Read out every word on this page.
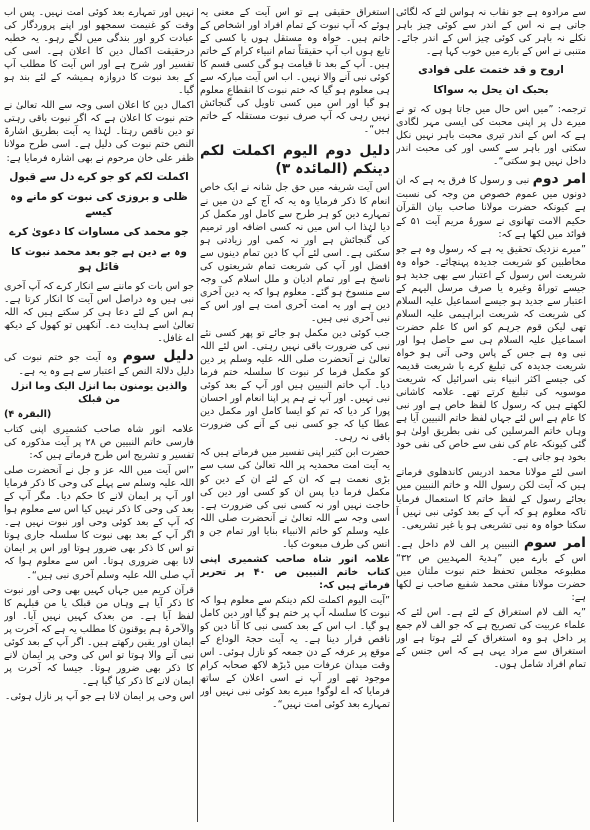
سے مرادوہ ہے جو نقاب نہ ہواس لئے کہ لگائی جاتی ہے نہ اس کے اندر سے کوئی چیز باہر نکلے نہ باہر کی کوئی چیز اس کے اندر جائے۔ متنبی نے اس کے بارے میں خوب کہا ہے۔

اروح و قد ختمت علی فوادی
بحبک ان یحل بہ سواکا

ترجمہ: ”میں اس حال میں جاتا ہوں کہ تو نے میرے دل پر اپنی محبت کی ایسی مہر لگادی ہے کہ اس کے اندر تیری محبت باہر نہیں نکل سکتی اور باہر سے کسی اور کی محبت اندر داخل نہیں ہو سکتی“۔

امر دوم نبی و رسول کا فرق یہ ہے کہ ان دونوں میں عموم خصوص من وجہ کی نسبت ہے کیونکہ حضرت مولانا صاحب بیان القرآن حکیم الامت تھانوی نے سورۂ مریم آیت ۵۱ کے فوائد میں لکھا ہے کہ:

”میرے نزدیک تحقیق یہ ہے کہ رسول وہ ہے جو مخاطبین کو شریعت جدیدہ پہنچائے۔ خواہ وہ شریعت اس رسول کے اعتبار سے بھی جدید ہو جیسے توراۃ وغیرہ یا صرف مرسل الیہم کے اعتبار سے جدید ہو جیسے اسماعیل علیہ السلام کی شریعت کہ شریعت ابراہیمی علیہ السلام تھی لیکن قوم جرہم کو اس کا علم حضرت اسماعیل علیہ السلام ہی سے حاصل ہوا اور نبی وہ ہے جس کے پاس وحی آتی ہو خواہ شریعت جدیدہ کی تبلیغ کرے یا شریعت قدیمہ کی جیسے اکثر انبیاء بنی اسرائیل کہ شریعت موسویہ کی تبلیغ کرتے تھے۔ علامہ کاشانی لکھتے ہیں کہ رسول کا لفظ خاص ہے اور نبی کا عام ہے اس لئے جہاں لفظ خاتم النبیین آیا ہے وہاں خاتم المرسلین کی نفی بطریق اولیٰ ہو گئی کیونکہ عام کی نفی سے خاص کی نفی خود بخود ہو جاتی ہے۔

اسی لئے مولانا محمد ادریس کاندھلوی فرماتے ہیں کہ آیت لکن رسول اللہ و خاتم النبیین میں بجائے رسول کے لفظ خاتم کا استعمال فرمایا تاکہ معلوم ہو کہ آپ کے بعد کوئی نبی نہیں آ سکتا خواہ وہ نبی تشریعی ہو یا غیر تشریعی۔

امر سوم النبیین پر الف لام داخل ہے۔ اس کے بارے میں ”ہدیۃ المہدیین ص ۳۲“ مطبوعہ مجلس تحفظ ختم نبوت ملتان میں حضرت مولانا مفتی محمد شفیع صاحب نے لکھا ہے:

”یہ الف لام استغراق کے لئے ہے۔ اس لئے کہ علماء عربیت کی تصریح ہے کہ جو الف لام جمع پر داخل ہو وہ استغراق کے لئے ہوتا ہے اور استغراق سے مراد یہی ہے کہ اس جنس کے تمام افراد شامل ہوں۔

استغراق حقیقی ہے تو اس آیت کے معنی یہ ہوئے کہ آپ نبوت کے تمام افراد اور اشخاص کے خاتم ہیں۔ خواہ وہ مستقل ہوں یا کسی کے تابع ہوں اب آپ حقیقتاً تمام انبیاء کرام کے خاتم ہیں۔ آپ کے بعد تا قیامت ہو گی کسی قسم کا کوئی نبی آنے والا نہیں۔ اب اس آیت مبارکہ سے ہی معلوم ہو گیا کہ ختم نبوت کا انقطاع معلوم ہو گیا اور اس میں کسی تاویل کی گنجائش نہیں رہی کہ آپ صرف نبوت مستقلہ کے خاتم ہیں“۔

دلیل دوم الیوم اکملت لکم دینکم (المائدہ ۳)

اس آیت شریفہ میں حق جل شانہ نے ایک خاص انعام کا ذکر فرمایا وہ یہ کہ آج کے دن میں نے تمہارے دین کو ہر طرح سے کامل اور مکمل کر دیا لہٰذا اب اس میں نہ کسی اضافہ اور ترمیم کی گنجائش ہے اور نہ کمی اور زیادتی ہو سکتی ہے۔ اسی لئے آپ کا دین تمام دینوں سے افضل اور آپ کی شریعت تمام شریعتوں کی ناسخ ہے اور تمام ادیان و ملل اسلام کی وجہ سے منسوخ ہو گئے۔ معلوم ہوا کہ یہ دین آخری دین ہے اور یہ امت آخری امت ہے اور اس کے نبی آخری نبی ہیں۔

جب کوئی دین مکمل ہو جائے تو پھر کسی نئے نبی کی ضرورت باقی نہیں رہتی۔ اس لئے اللہ تعالیٰ نے آنحضرت صلی اللہ علیہ وسلم پر دین کو مکمل فرما کر نبوت کا سلسلہ ختم فرما دیا۔ آپ خاتم النبیین ہیں اور آپ کے بعد کوئی نبی نہیں۔ اور آپ نے ہم پر اپنا انعام اور احسان پورا کر دیا کہ تم کو ایسا کامل اور مکمل دین عطا کیا کہ جو کسی نبی کے آنے کی ضرورت باقی نہ رہی۔

حضرت ابن کثیر اپنی تفسیر میں فرماتے ہیں کہ یہ آیت امت محمدیہ پر اللہ تعالیٰ کی سب سے بڑی نعمت ہے کہ ان کے لئے ان کے دین کو مکمل فرما دیا پس ان کو کسی اور دین کی حاجت نہیں اور نہ کسی نبی کی ضرورت ہے۔ اسی وجہ سے اللہ تعالیٰ نے آنحضرت صلی اللہ علیہ وسلم کو خاتم الانبیاء بنایا اور تمام جن و انس کی طرف مبعوث کیا۔

علامہ انور شاہ صاحب کشمیری اپنی کتاب خاتم النبیین ص ۴۰ پر تحریر فرماتے ہیں کہ:

”آیت الیوم اکملت لکم دینکم سے معلوم ہوا کہ نبوت کا سلسلہ آپ پر ختم ہو گیا اور دین کامل ہو گیا۔ اب اس کے بعد کسی نبی کا آنا دین کو ناقص قرار دینا ہے۔ یہ آیت حجۃ الوداع کے موقع پر عرفہ کے دن جمعہ کو نازل ہوئی۔ اس وقت میدان عرفات میں ڈیڑھ لاکھ صحابہ کرام موجود تھے اور آپ نے اسی اعلان کے ساتھ فرمایا کہ اے لوگو! میرے بعد کوئی نبی نہیں اور تمہارے بعد کوئی امت نہیں“۔

نہیں اور تمہارے بعد کوئی امت نہیں۔ پس اب وقت کو غنیمت سمجھو اور اپنے پروردگار کی عبادت کرو اور بندگی میں لگے رہو۔ یہ خطبہ درحقیقت اکمال دین کا اعلان ہے۔ اسی کی تفسیر اور شرح ہے اور اس آیت کا مطلب آپ کے بعد نبوت کا دروازہ ہمیشہ کے لئے بند ہو گیا۔

اکمال دین کا اعلان اسی وجہ سے اللہ تعالیٰ نے ختم نبوت کا اعلان ہے کہ اگر نبوت باقی رہتی تو دین ناقص رہتا۔ لہٰذا یہ آیت بطریق اشارۃ النص ختم نبوت کی دلیل ہے۔ اسی طرح مولانا ظفر علی خان مرحوم نے بھی اشارہ فرمایا ہے:

اکملت لکم کو جو کرے دل سے قبول
ظلی و بروزی کی نبوت کو مانے وہ کیسے
جو محمد کی مساوات کا دعویٰ کرے
وہ بے دین ہے جو بعد محمد نبوت کا قائل ہو

جو اس بات کو ماننے سے انکار کرے کہ آپ آخری نبی ہیں وہ دراصل اس آیت کا انکار کرتا ہے۔ ہم اس کے لئے دعا ہی کر سکتے ہیں کہ اللہ تعالیٰ اسے ہدایت دے۔ آنکھیں تو کھول کے دیکھ اے غافل۔

دلیل سوم وہ آیت جو ختم نبوت کی دلیل دلالۃ النص کے اعتبار سے ہے وہ یہ ہے۔

والذین یومنون بما انزل الیک وما انزل من قبلک

(البقرہ ۴)

علامہ انور شاہ صاحب کشمیری اپنی کتاب فارسی خاتم النبیین ص ۲۸ پر آیت مذکورہ کی تفسیر و تشریح اس طرح فرماتے ہیں کہ:

”اس آیت میں اللہ عز و جل نے آنحضرت صلی اللہ علیہ وسلم سے پہلے کی وحی کا ذکر فرمایا اور آپ پر ایمان لانے کا حکم دیا۔ مگر آپ کے بعد کی وحی کا ذکر نہیں کیا اس سے معلوم ہوا کہ آپ کے بعد کوئی وحی اور نبوت نہیں ہے۔ اگر آپ کے بعد بھی نبوت کا سلسلہ جاری ہوتا تو اس کا ذکر بھی ضرور ہوتا اور اس پر ایمان لانا بھی ضروری ہوتا۔ اس سے معلوم ہوا کہ آپ صلی اللہ علیہ وسلم آخری نبی ہیں“۔

قرآن کریم میں جہاں کہیں بھی وحی اور نبوت کا ذکر آیا ہے وہاں من قبلک یا من قبلہم کا لفظ آیا ہے۔ من بعدک کہیں نہیں آیا۔ اور والآخرۃ ہم یوقنون کا مطلب یہ ہے کہ آخرت پر ایمان اور یقین رکھتے ہیں۔ اگر آپ کے بعد کوئی نبی آنے والا ہوتا تو اس کی وحی پر ایمان لانے کا ذکر بھی ضرور ہوتا۔ جیسا کہ آخرت پر ایمان لانے کا ذکر کیا گیا ہے۔

اس وحی پر ایمان لانا ہے جو آپ پر نازل ہوئی۔
